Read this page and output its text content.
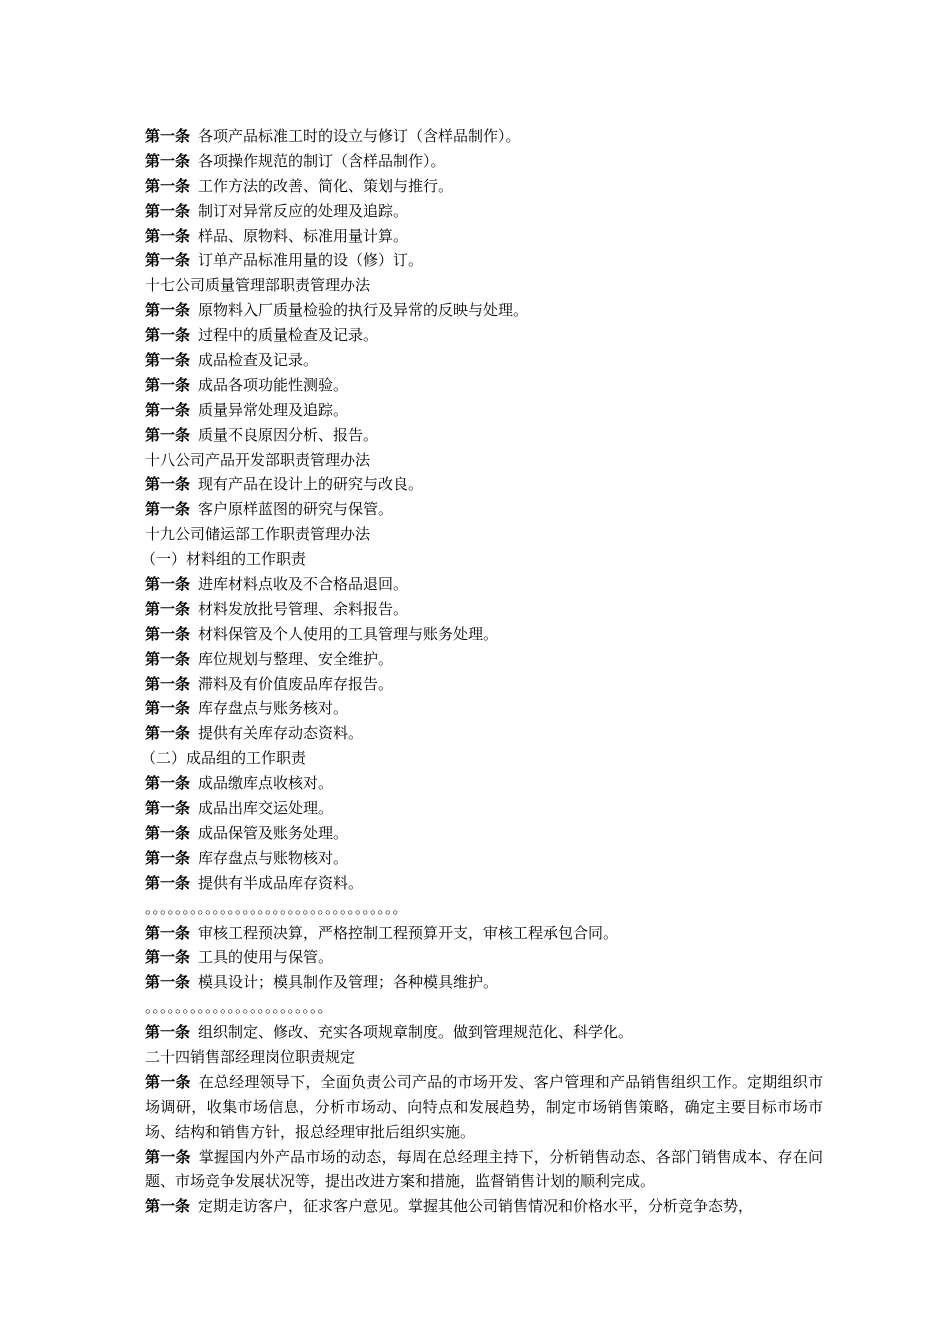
第一条 各项产品标准工时的设立与修订（含样品制作）。
第一条 各项操作规范的制订（含样品制作）。
第一条 工作方法的改善、简化、策划与推行。
第一条 制订对异常反应的处理及追踪。
第一条 样品、原物料、标准用量计算。
第一条 订单产品标准用量的设（修）订。
十七公司质量管理部职责管理办法
第一条 原物料入厂质量检验的执行及异常的反映与处理。
第一条 过程中的质量检查及记录。
第一条 成品检查及记录。
第一条 成品各项功能性测验。
第一条 质量异常处理及追踪。
第一条 质量不良原因分析、报告。
十八公司产品开发部职责管理办法
第一条 现有产品在设计上的研究与改良。
第一条 客户原样蓝图的研究与保管。
十九公司储运部工作职责管理办法
（一）材料组的工作职责
第一条 进库材料点收及不合格品退回。
第一条 材料发放批号管理、余料报告。
第一条 材料保管及个人使用的工具管理与账务处理。
第一条 库位规划与整理、安全维护。
第一条 滞料及有价值废品库存报告。
第一条 库存盘点与账务核对。
第一条 提供有关库存动态资料。
（二）成品组的工作职责
第一条 成品缴库点收核对。
第一条 成品出库交运处理。
第一条 成品保管及账务处理。
第一条 库存盘点与账物核对。
第一条 提供有半成品库存资料。
。。。。。。。。。。。。。。。。。。。。。。。。。。。。。。。。。。
第一条 审核工程预决算，严格控制工程预算开支，审核工程承包合同。
第一条 工具的使用与保管。
第一条 模具设计；模具制作及管理；各种模具维护。
。。。。。。。。。。。。。。。。。。。。。。。。
第一条 组织制定、修改、充实各项规章制度。做到管理规范化、科学化。
二十四销售部经理岗位职责规定
第一条 在总经理领导下，全面负责公司产品的市场开发、客户管理和产品销售组织工作。定期组织市场调研，收集市场信息，分析市场动、向特点和发展趋势，制定市场销售策略，确定主要目标市场市场、结构和销售方针，报总经理审批后组织实施。
第一条 掌握国内外产品市场的动态，每周在总经理主持下，分析销售动态、各部门销售成本、存在问题、市场竞争发展状况等，提出改进方案和措施，监督销售计划的顺利完成。
第一条 定期走访客户，征求客户意见。掌握其他公司销售情况和价格水平，分析竞争态势，
